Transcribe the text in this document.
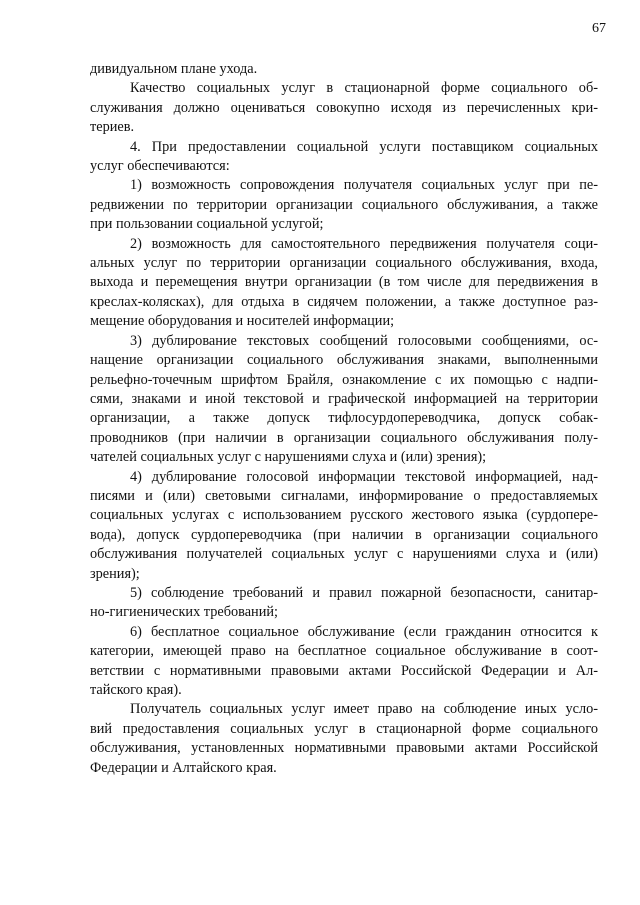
67
дивидуальном плане ухода.
Качество социальных услуг в стационарной форме социального об-
служивания должно оцениваться совокупно исходя из перечисленных кри-
териев.
4. При предоставлении социальной услуги поставщиком социальных
услуг обеспечиваются:
1) возможность сопровождения получателя социальных услуг при пе-
редвижении по территории организации социального обслуживания, а также
при пользовании социальной услугой;
2) возможность для самостоятельного передвижения получателя соци-
альных услуг по территории организации социального обслуживания, входа,
выхода и перемещения внутри организации (в том числе для передвижения в
креслах-колясках), для отдыха в сидячем положении, а также доступное раз-
мещение оборудования и носителей информации;
3) дублирование текстовых сообщений голосовыми сообщениями, ос-
нащение организации социального обслуживания знаками, выполненными
рельефно-точечным шрифтом Брайля, ознакомление с их помощью с надпи-
сями, знаками и иной текстовой и графической информацией на территории
организации, а также допуск тифлосурдопереводчика, допуск собак-
проводников (при наличии в организации социального обслуживания полу-
чателей социальных услуг с нарушениями слуха и (или) зрения);
4) дублирование голосовой информации текстовой информацией, над-
писями и (или) световыми сигналами, информирование о предоставляемых
социальных услугах с использованием русского жестового языка (сурдопере-
вода), допуск сурдопереводчика (при наличии в организации социального
обслуживания получателей социальных услуг с нарушениями слуха и (или)
зрения);
5) соблюдение требований и правил пожарной безопасности, санитар-
но-гигиенических требований;
6) бесплатное социальное обслуживание (если гражданин относится к
категории, имеющей право на бесплатное социальное обслуживание в соот-
ветствии с нормативными правовыми актами Российской Федерации и Ал-
тайского края).
Получатель социальных услуг имеет право на соблюдение иных усло-
вий предоставления социальных услуг в стационарной форме социального
обслуживания, установленных нормативными правовыми актами Российской
Федерации и Алтайского края.
